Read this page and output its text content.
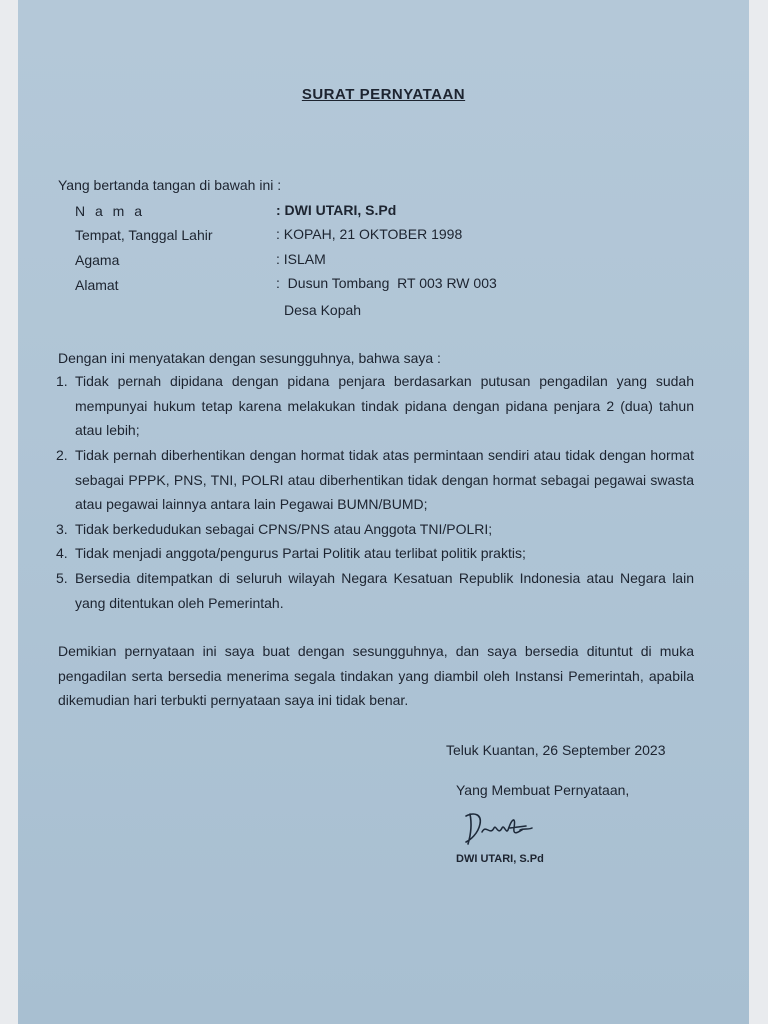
SURAT PERNYATAAN
Yang bertanda tangan di bawah ini :
N a m a	: DWI UTARI, S.Pd
Tempat, Tanggal Lahir	: KOPAH, 21 OKTOBER 1998
Agama	: ISLAM
Alamat	:  Dusun Tombang  RT 003 RW 003
Desa Kopah
Dengan ini menyatakan dengan sesungguhnya, bahwa saya :
1. Tidak pernah dipidana dengan pidana penjara berdasarkan putusan pengadilan yang sudah mempunyai hukum tetap karena melakukan tindak pidana dengan pidana penjara 2 (dua) tahun atau lebih;
2. Tidak pernah diberhentikan dengan hormat tidak atas permintaan sendiri atau tidak dengan hormat sebagai PPPK, PNS, TNI, POLRI atau diberhentikan tidak dengan hormat sebagai pegawai swasta atau pegawai lainnya antara lain Pegawai BUMN/BUMD;
3. Tidak berkedudukan sebagai CPNS/PNS atau Anggota TNI/POLRI;
4. Tidak menjadi anggota/pengurus Partai Politik atau terlibat politik praktis;
5. Bersedia ditempatkan di seluruh wilayah Negara Kesatuan Republik Indonesia atau Negara lain yang ditentukan oleh Pemerintah.
Demikian pernyataan ini saya buat dengan sesungguhnya, dan saya bersedia dituntut di muka pengadilan serta bersedia menerima segala tindakan yang diambil oleh Instansi Pemerintah, apabila dikemudian hari terbukti pernyataan saya ini tidak benar.
Teluk Kuantan, 26 September 2023
Yang Membuat Pernyataan,
DWI UTARI, S.Pd
